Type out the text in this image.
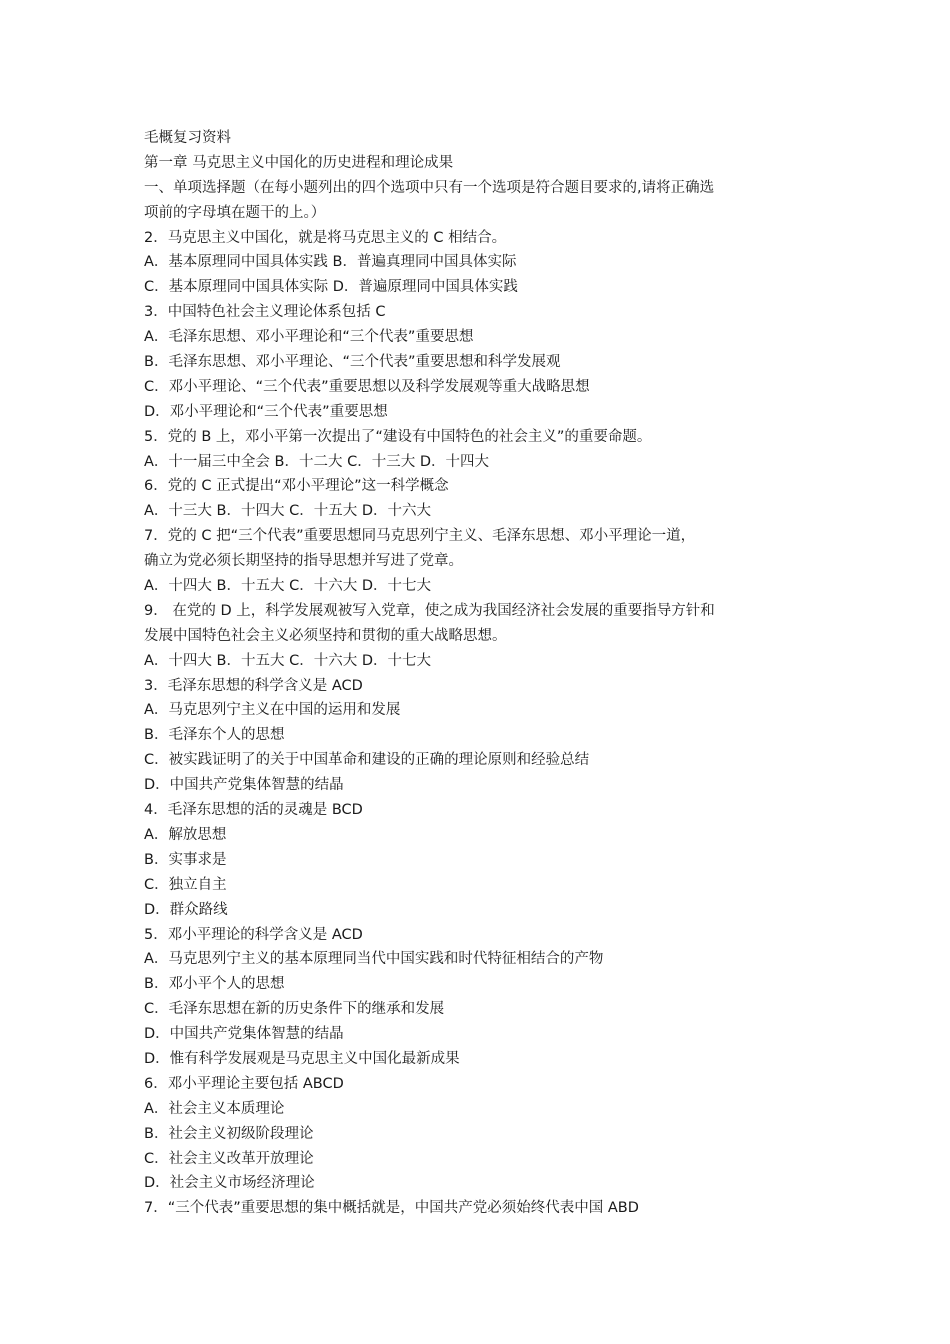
毛概复习资料
第一章 马克思主义中国化的历史进程和理论成果
一、单项选择题（在每小题列出的四个选项中只有一个选项是符合题目要求的,请将正确选
项前的字母填在题干的上。）
2．马克思主义中国化，就是将马克思主义的 C 相结合。
A．基本原理同中国具体实践 B．普遍真理同中国具体实际
C．基本原理同中国具体实际 D．普遍原理同中国具体实践
3．中国特色社会主义理论体系包括 C
A．毛泽东思想、邓小平理论和“三个代表”重要思想
B．毛泽东思想、邓小平理论、“三个代表”重要思想和科学发展观
C．邓小平理论、“三个代表”重要思想以及科学发展观等重大战略思想
D．邓小平理论和“三个代表”重要思想
5．党的 B 上，邓小平第一次提出了“建设有中国特色的社会主义”的重要命题。
A．十一届三中全会 B．十二大 C．十三大 D．十四大
6．党的 C 正式提出“邓小平理论”这一科学概念
A．十三大 B．十四大 C．十五大 D．十六大
7．党的 C 把“三个代表”重要思想同马克思列宁主义、毛泽东思想、邓小平理论一道，
确立为党必须长期坚持的指导思想并写进了党章。
A．十四大 B．十五大 C．十六大 D．十七大
9． 在党的 D 上，科学发展观被写入党章，使之成为我国经济社会发展的重要指导方针和
发展中国特色社会主义必须坚持和贯彻的重大战略思想。
A．十四大 B．十五大 C．十六大 D．十七大
3．毛泽东思想的科学含义是 ACD
A．马克思列宁主义在中国的运用和发展
B．毛泽东个人的思想
C．被实践证明了的关于中国革命和建设的正确的理论原则和经验总结
D．中国共产党集体智慧的结晶
4．毛泽东思想的活的灵魂是 BCD
A．解放思想
B．实事求是
C．独立自主
D．群众路线
5．邓小平理论的科学含义是 ACD
A．马克思列宁主义的基本原理同当代中国实践和时代特征相结合的产物
B．邓小平个人的思想
C．毛泽东思想在新的历史条件下的继承和发展
D．中国共产党集体智慧的结晶
D．惟有科学发展观是马克思主义中国化最新成果
6．邓小平理论主要包括 ABCD
A．社会主义本质理论
B．社会主义初级阶段理论
C．社会主义改革开放理论
D．社会主义市场经济理论
7．“三个代表”重要思想的集中概括就是，中国共产党必须始终代表中国 ABD
